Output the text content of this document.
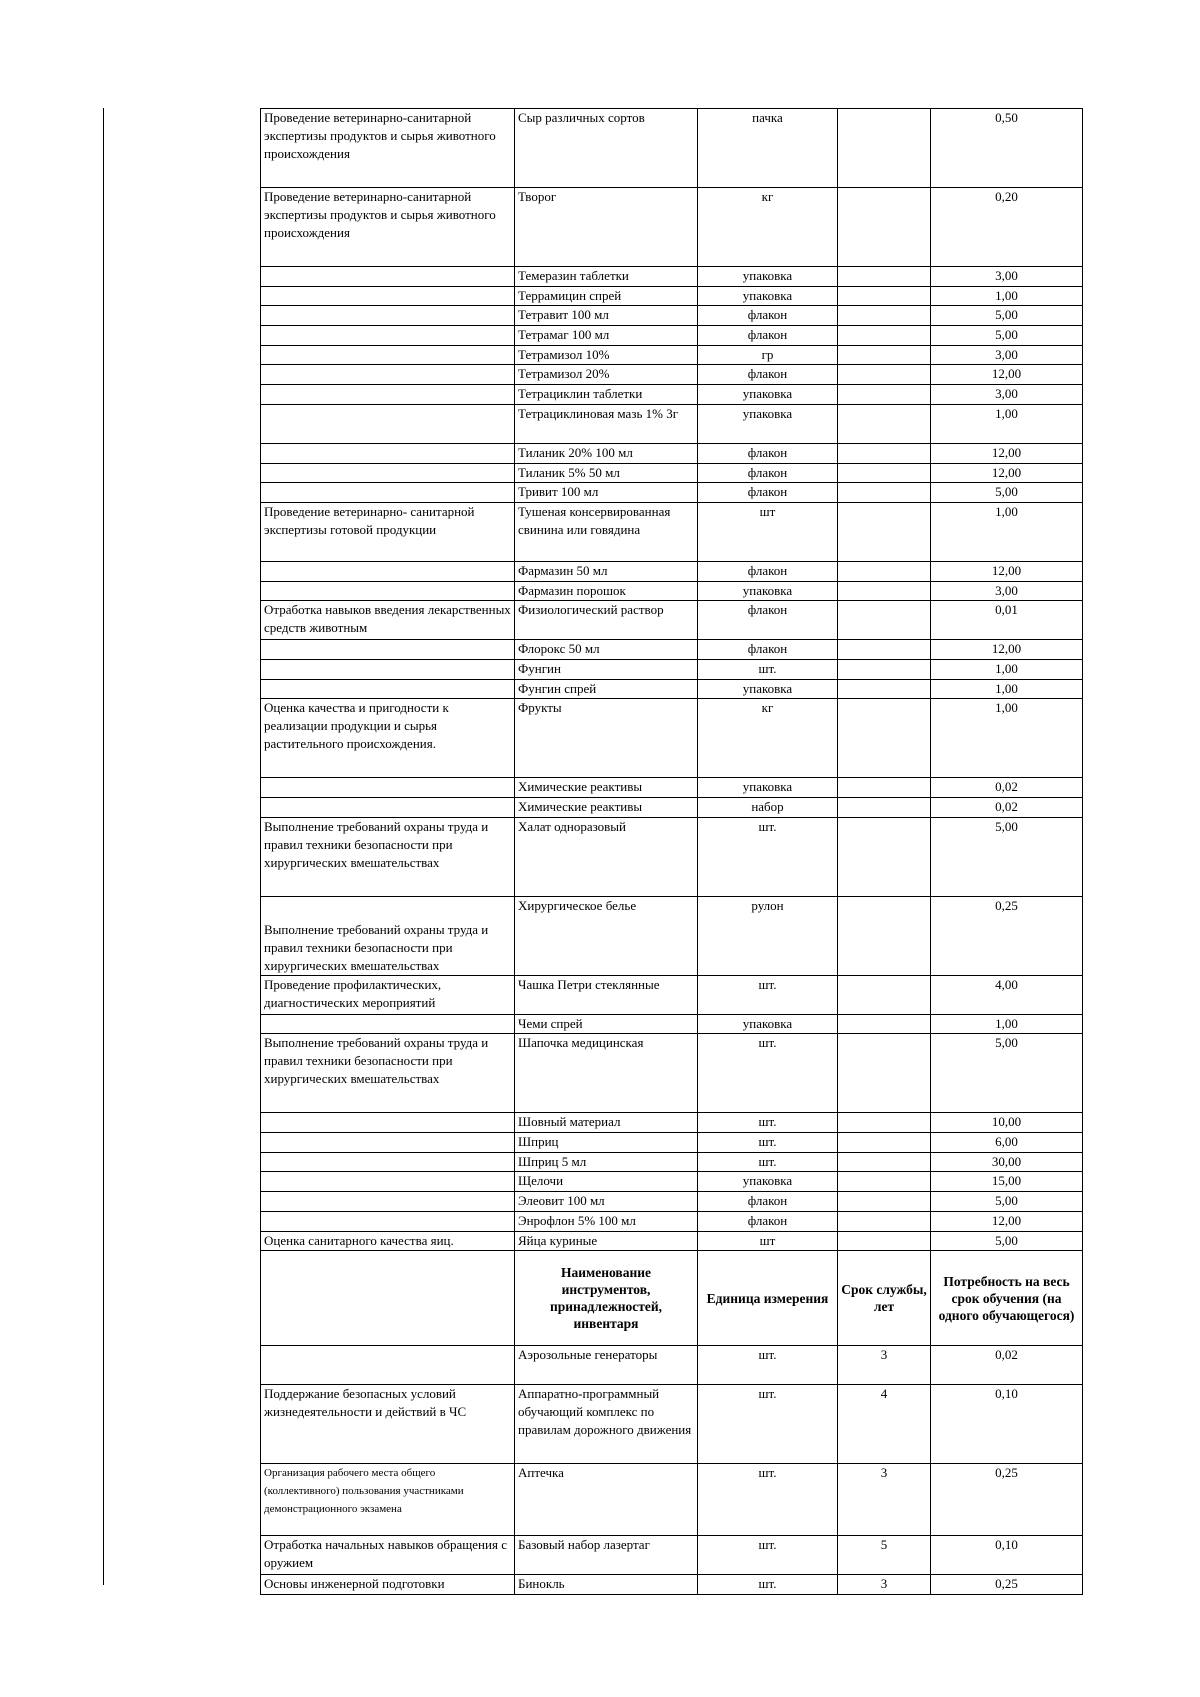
Проведение ветеринарно-санитарной экспертизы продуктов и сырья животного происхождения	Сыр различных сортов	пачка		0,50
Проведение ветеринарно-санитарной экспертизы продуктов и сырья животного происхождения	Творог	кг		0,20
	Темеразин таблетки	упаковка		3,00
	Террамицин спрей	упаковка		1,00
	Тетравит 100 мл	флакон		5,00
	Тетрамаг 100 мл	флакон		5,00
	Тетрамизол 10%	гр		3,00
	Тетрамизол 20%	флакон		12,00
	Тетрациклин таблетки	упаковка		3,00
	Тетрациклиновая мазь 1% 3г	упаковка		1,00
	Тиланик 20% 100 мл	флакон		12,00
	Тиланик 5% 50 мл	флакон		12,00
	Тривит 100 мл	флакон		5,00
Проведение ветеринарно- санитарной экспертизы готовой продукции	Тушеная консервированная свинина или говядина	шт		1,00
	Фармазин 50 мл	флакон		12,00
	Фармазин порошок	упаковка		3,00
Отработка навыков введения лекарственных средств животным	Физиологический раствор	флакон		0,01
	Флорокс 50 мл	флакон		12,00
	Фунгин	шт.		1,00
	Фунгин спрей	упаковка		1,00
Оценка качества и пригодности к реализации продукции и сырья растительного происхождения.	Фрукты	кг		1,00
	Химические реактивы	упаковка		0,02
	Химические реактивы	набор		0,02
Выполнение требований охраны труда и правил техники безопасности при хирургических вмешательствах	Халат одноразовый	шт.		5,00
Выполнение требований охраны труда и правил техники безопасности при хирургических вмешательствах	Хирургическое белье	рулон		0,25
Проведение профилактических, диагностических мероприятий	Чашка Петри стеклянные	шт.		4,00
	Чеми спрей	упаковка		1,00
Выполнение требований охраны труда и правил техники безопасности при хирургических вмешательствах	Шапочка медицинская	шт.		5,00
	Шовный материал	шт.		10,00
	Шприц	шт.		6,00
	Шприц 5 мл	шт.		30,00
	Щелочи	упаковка		15,00
	Элеовит 100 мл	флакон		5,00
	Энрофлон 5% 100 мл	флакон		12,00
Оценка санитарного качества яиц.	Яйца куриные	шт		5,00
	Наименование инструментов, принадлежностей, инвентаря	Единица измерения	Срок службы, лет	Потребность на весь срок обучения (на одного обучающегося)
	Аэрозольные генераторы	шт.	3	0,02
Поддержание безопасных условий жизнедеятельности и действий в ЧС	Аппаратно-программный обучающий комплекс по правилам дорожного движения	шт.	4	0,10
Организация рабочего места общего (коллективного) пользования участниками демонстрационного экзамена	Аптечка	шт.	3	0,25
Отработка начальных навыков обращения с оружием	Базовый набор лазертаг	шт.	5	0,10
Основы инженерной подготовки	Бинокль	шт.	3	0,25
